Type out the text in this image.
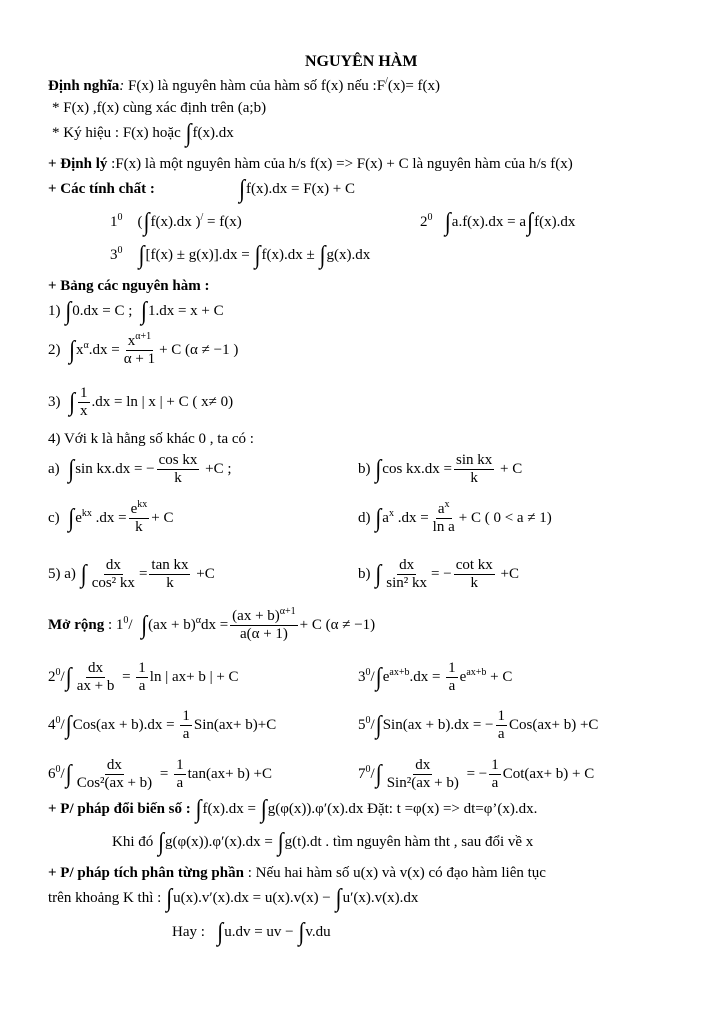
NGUYÊN HÀM
Định nghĩa: F(x) là nguyên hàm của hàm số f(x) nếu :F/(x)= f(x)
* F(x) ,f(x) cùng xác định trên (a;b)
* Ký hiệu : F(x) hoặc ∫f(x).dx
+ Định lý :F(x) là một nguyên hàm của h/s f(x) => F(x) + C là nguyên hàm của h/s f(x)
+ Các tính chất :	∫f(x).dx = F(x) + C
$1^0$ (∫f(x).dx )/ = f(x)	$2^0$ ∫a.f(x).dx = a∫f(x).dx
$3^0$ ∫[f(x) ± g(x)].dx = ∫f(x).dx ± ∫g(x).dx
+ Bảng các nguyên hàm :
1) ∫0.dx = C ; ∫1.dx = x + C
2) $\int x^\alpha.dx = \frac{x^{\alpha+1}}{\alpha + 1} + C$ (α ≠ −1 )
3) ∫ $\frac{1}{x} .dx = \ln$ | x | + C ( x≠ 0)
4) Với k là hằng số khác 0 , ta có :
a) ∫sin kx.dx = − $\frac{\text{cos kx}}{k} +C$ ;	b) ∫cos $kx.dx = \frac{\text{sin kx}}{k} + C$
c) $\int e^{kx}$ $.dx = \frac{e^{kx}}{k} + C$	d) $\int a^x$ $.dx = \frac{a^x}{\text{ln a}} + C$ ( 0 < a ≠ 1)
5) a) ∫ $\frac{dx}{\text{cos² kx}} = \frac{\text{tan kx}}{k} +C$	b) ∫ $\frac{dx}{\text{sin² kx}}$ = − $\frac{\text{cot kx}}{k} +C$
Mở rộng : $1^0/$ $\int(ax + b)^\alpha dx = \frac{(ax + b)^{\alpha+1}}{a(\alpha + 1)} + C$ (α ≠ −1)
$2^0/\int \frac{dx}{ax + b} = \frac{1}{a}$ ln | ax+ b | + C	$3^0/\int e^{ax+b}.dx = \frac{1}{a} e^{ax+b} + C$
$4^0/\int Cos(ax + b).dx = \frac{1}{a} Sin(ax+ b)+C$	$5^0/\int Sin(ax + b).dx$ = − $\frac{1}{a} Cos(ax+ b) +C$
$6^0/\int \frac{dx}{\text{Cos²(ax + b)}} = \frac{1}{a} \tan(ax+ b) +C$	$7^0/\int \frac{dx}{\text{Sin²(ax + b)}}$ = − $\frac{1}{a} Cot(ax+ b) + C$
+ P/ pháp đổi biến số : ∫f(x).dx = ∫g(φ(x)).φ′(x).dx Đặt: t =φ(x) => dt=φ’(x).dx.
Khi đó ∫g(φ(x)).φ′(x).dx = ∫g(t).dt . tìm nguyên hàm tht , sau đổi về x
+ P/ pháp tích phân từng phần : Nếu hai hàm số u(x) và v(x) có đạo hàm liên tục
trên khoảng K thì : ∫u(x).v′(x).dx = u(x).v(x) − ∫u′(x).v(x).dx
Hay : ∫u.dv = uv − ∫v.du
